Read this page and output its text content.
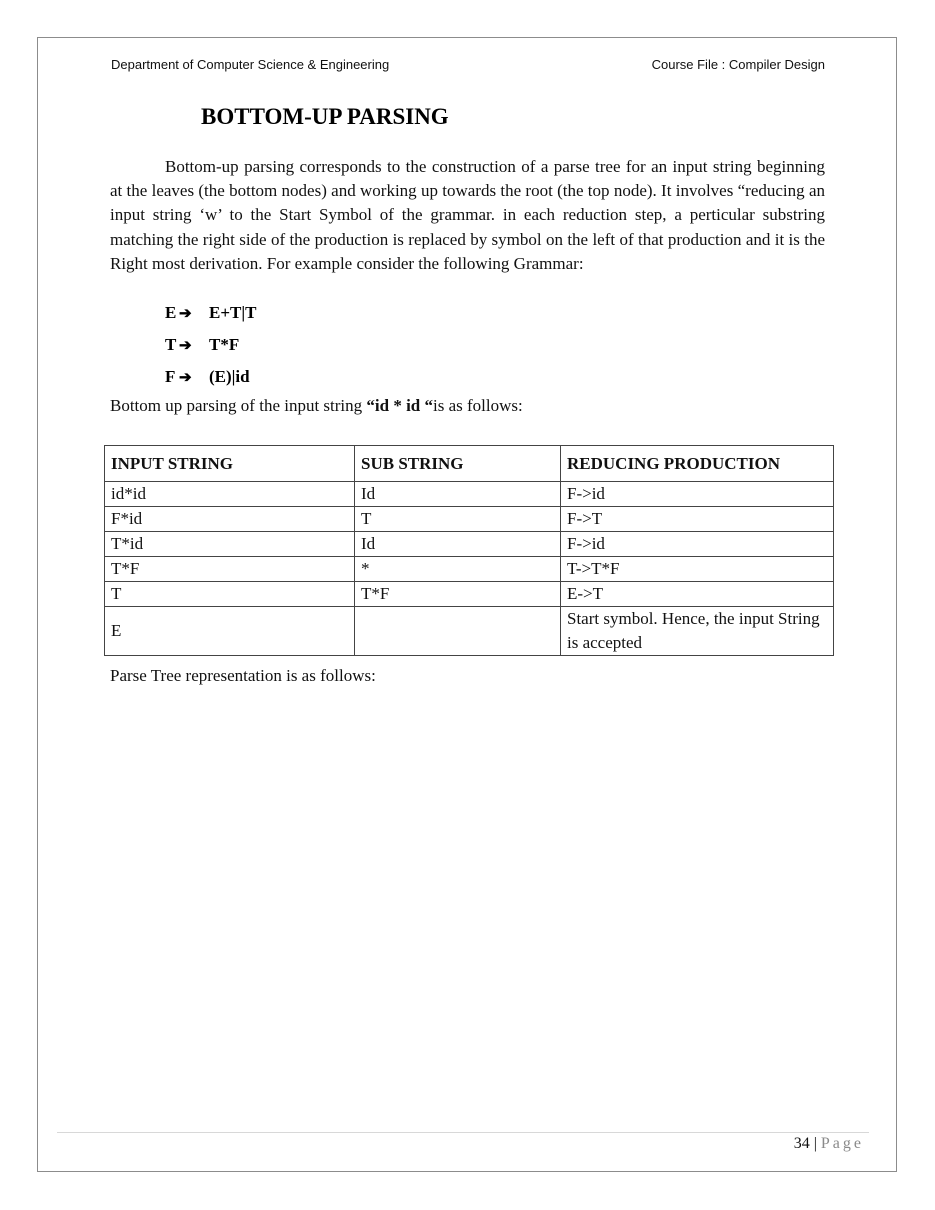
Department of Computer Science & Engineering	Course File : Compiler Design
BOTTOM-UP PARSING
Bottom-up parsing corresponds to the construction of a parse tree for an input string beginning at the leaves (the bottom nodes) and working up towards the root (the top node). It involves “reducing an input string ‘w’ to the Start Symbol of the grammar. in each reduction step, a perticular substring matching the right side of the production is replaced by symbol on the left of that production and it is the Right most derivation. For example consider the following Grammar:
E ➔ E+T|T
T ➔ T*F
F ➔ (E)|id
Bottom up parsing of the input string “id * id “is as follows:
INPUT STRING	SUB STRING	REDUCING PRODUCTION
id*id	Id	F->id
F*id	T	F->T
T*id	Id	F->id
T*F	*	T->T*F
T	T*F	E->T
E		Start symbol. Hence, the input String is accepted
Parse Tree representation is as follows:
34 | Page
